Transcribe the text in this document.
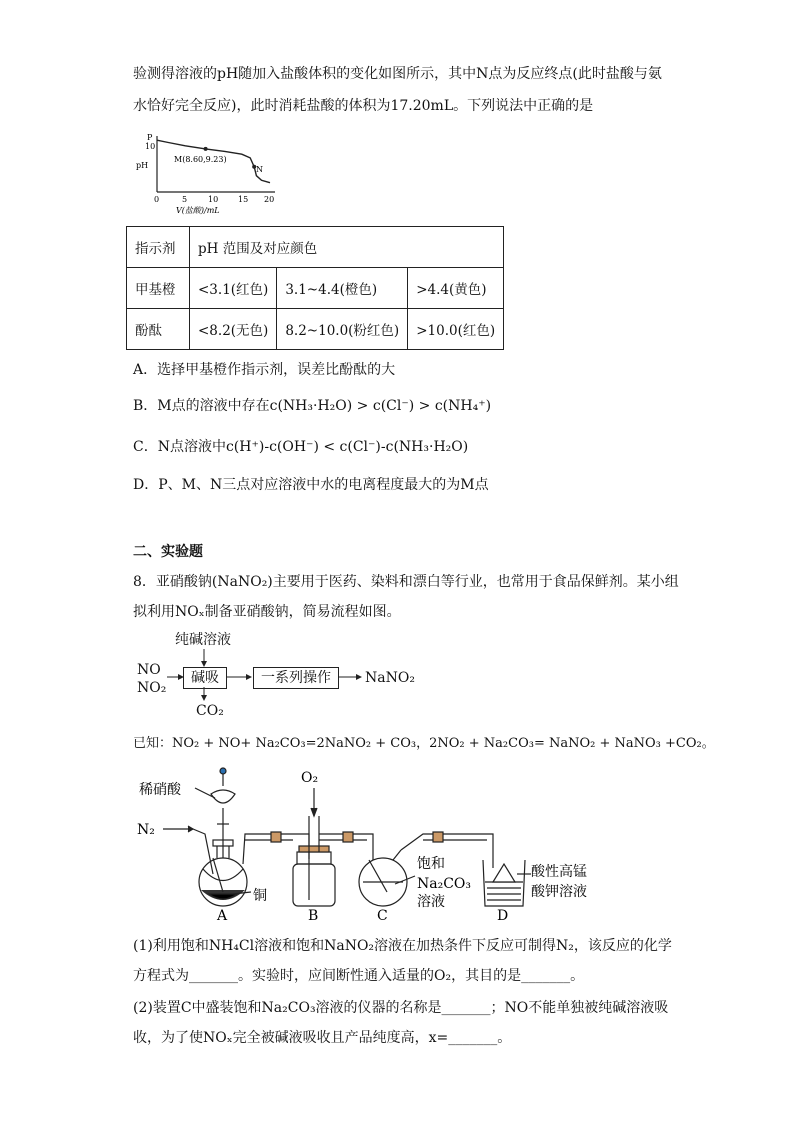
验测得溶液的pH随加入盐酸体积的变化如图所示，其中N点为反应终点(此时盐酸与氨
水恰好完全反应)，此时消耗盐酸的体积为17.20mL。下列说法中正确的是
P
10
pH
M(8.60,9.23)
N
0	5	10 15 20
V(盐酸)/mL
指示剂	pH 范围及对应颜色		
甲基橙	<3.1(红色)	3.1~4.4(橙色)	>4.4(黄色)
酚酞	<8.2(无色)	8.2~10.0(粉红色)	>10.0(红色)
A．选择甲基橙作指示剂，误差比酚酞的大
B．M点的溶液中存在c(NH₃·H₂O) > c(Cl⁻) > c(NH₄⁺)
C．N点溶液中c(H⁺)-c(OH⁻) < c(Cl⁻)-c(NH₃·H₂O)
D．P、M、N三点对应溶液中水的电离程度最大的为M点
二、实验题
8．亚硝酸钠(NaNO₂)主要用于医药、染料和漂白等行业，也常用于食品保鲜剂。某小组
拟利用NOₓ制备亚硝酸钠，简易流程如图。
纯碱溶液
NO
NO₂
碱吸
CO₂
一系列操作	NaNO₂
已知：NO₂ + NO+ Na₂CO₃=2NaNO₂ + CO₃，2NO₂ + Na₂CO₃= NaNO₂ + NaNO₃ +CO₂。
稀硝酸
N₂
O₂
铜
饱和
Na₂CO₃
溶液
酸性高锰
酸钾溶液
A	B	C	D
(1)利用饱和NH₄Cl溶液和饱和NaNO₂溶液在加热条件下反应可制得N₂，该反应的化学
方程式为_______。实验时，应间断性通入适量的O₂，其目的是_______。
(2)装置C中盛装饱和Na₂CO₃溶液的仪器的名称是_______；NO不能单独被纯碱溶液吸
收，为了使NOₓ完全被碱液吸收且产品纯度高，x=_______。
